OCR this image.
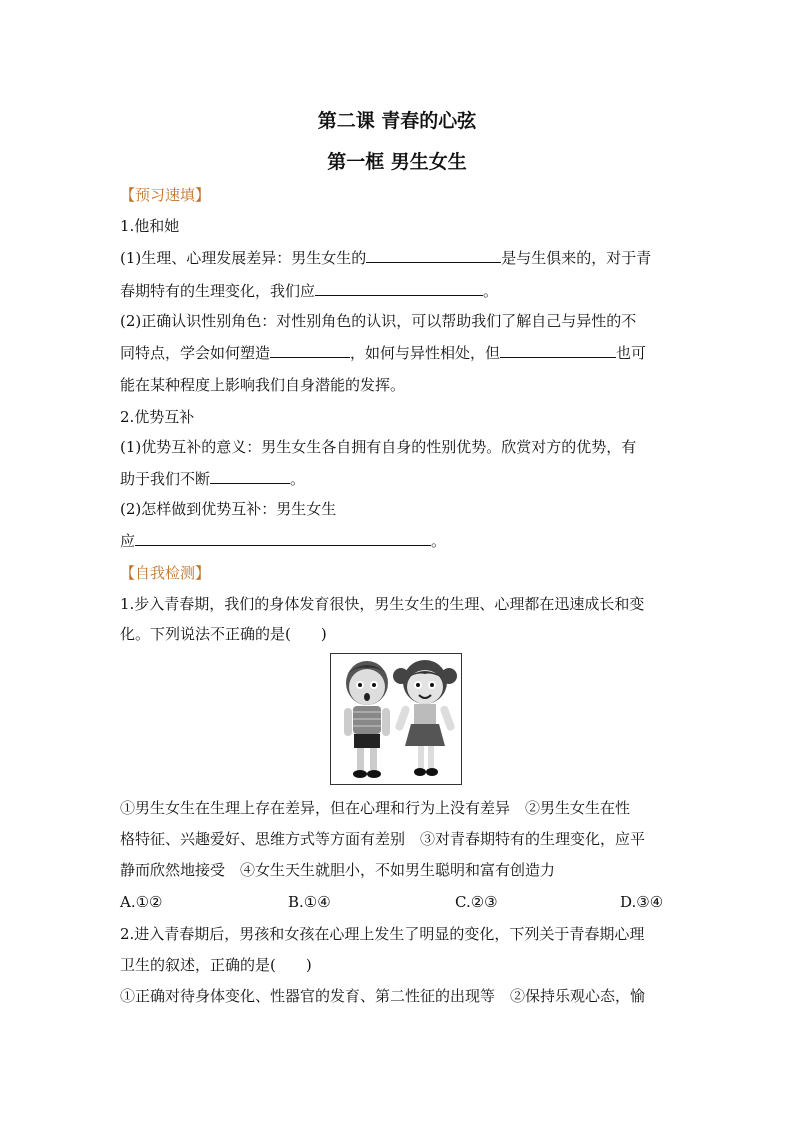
第二课 青春的心弦
第一框 男生女生
【预习速填】
1.他和她
(1)生理、心理发展差异：男生女生的	是与生俱来的，对于青
春期特有的生理变化，我们应	。
(2)正确认识性别角色：对性别角色的认识，可以帮助我们了解自己与异性的不
同特点，学会如何塑造	，如何与异性相处，但	也可
能在某种程度上影响我们自身潜能的发挥。
2.优势互补
(1)优势互补的意义：男生女生各自拥有自身的性别优势。欣赏对方的优势，有
助于我们不断	。
(2)怎样做到优势互补：男生女生
应	。
【自我检测】
1.步入青春期，我们的身体发育很快，男生女生的生理、心理都在迅速成长和变
化。下列说法不正确的是(　　)
①男生女生在生理上存在差异，但在心理和行为上没有差异　②男生女生在性
格特征、兴趣爱好、思维方式等方面有差别　③对青春期特有的生理变化，应平
静而欣然地接受　④女生天生就胆小，不如男生聪明和富有创造力
A.①②	B.①④	C.②③	D.③④
2.进入青春期后，男孩和女孩在心理上发生了明显的变化，下列关于青春期心理
卫生的叙述，正确的是(　　)
①正确对待身体变化、性器官的发育、第二性征的出现等　②保持乐观心态，愉
